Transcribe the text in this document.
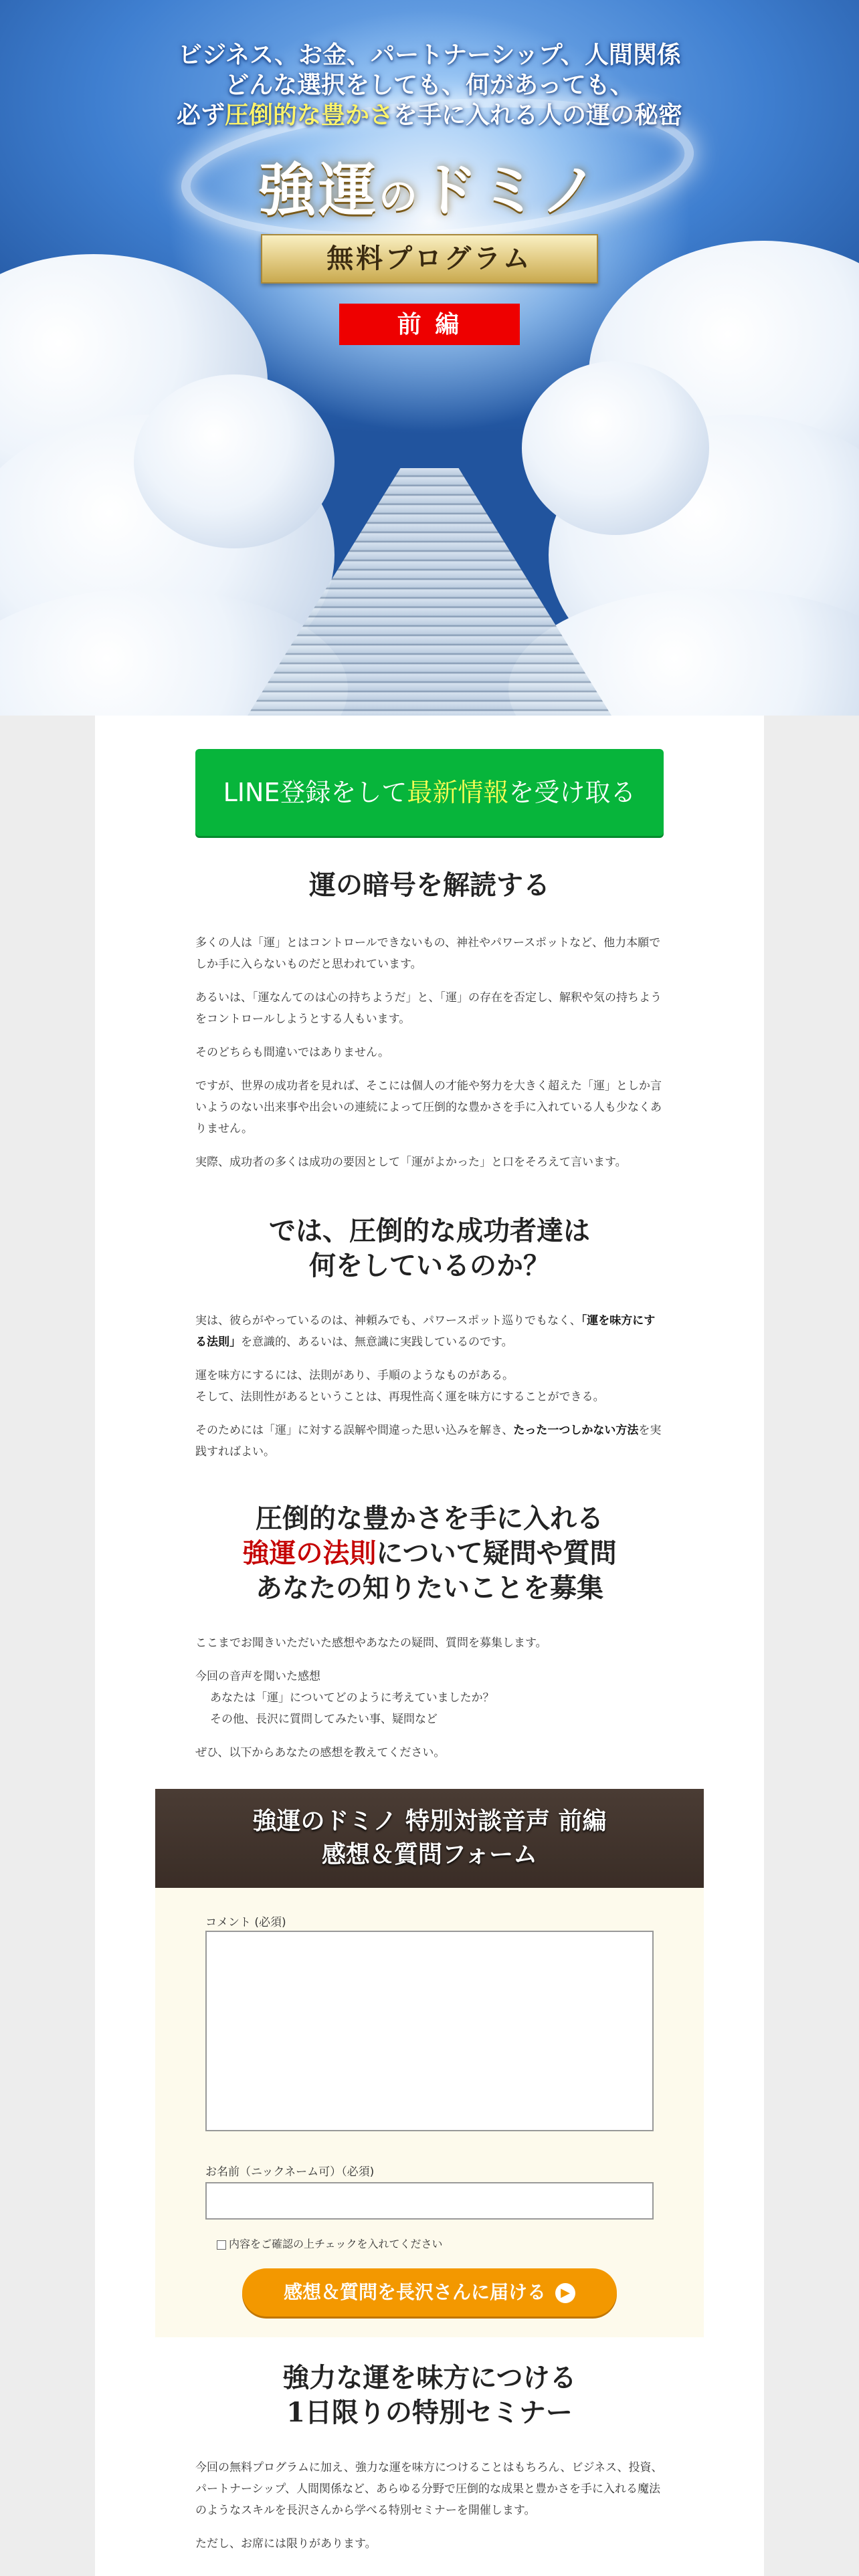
ビジネス、お金、パートナーシップ、人間関係
どんな選択をしても、何があっても、
必ず圧倒的な豊かさを手に入れる人の運の秘密

強運のドミノ
無料プログラム
前 編
LINE登録をして最新情報を受け取る
運の暗号を解読する

多くの人は「運」とはコントロールできないもの、神社やパワースポットなど、他力本願でしか手に入らないものだと思われています。

あるいは、「運なんてのは心の持ちようだ」と、「運」の存在を否定し、解釈や気の持ちようをコントロールしようとする人もいます。

そのどちらも間違いではありません。

ですが、世界の成功者を見れば、そこには個人の才能や努力を大きく超えた「運」としか言いようのない出来事や出会いの連続によって圧倒的な豊かさを手に入れている人も少なくありません。

実際、成功者の多くは成功の要因として「運がよかった」と口をそろえて言います。

では、圧倒的な成功者達は
何をしているのか？

実は、彼らがやっているのは、神頼みでも、パワースポット巡りでもなく、「運を味方にする法則」を意識的、あるいは、無意識に実践しているのです。

運を味方にするには、法則があり、手順のようなものがある。
そして、法則性があるということは、再現性高く運を味方にすることができる。

そのためには「運」に対する誤解や間違った思い込みを解き、たった一つしかない方法を実践すればよい。

圧倒的な豊かさを手に入れる
強運の法則について疑問や質問
あなたの知りたいことを募集

ここまでお聞きいただいた感想やあなたの疑問、質問を募集します。

今回の音声を聞いた感想
あなたは「運」についてどのように考えていましたか？
その他、長沢に質問してみたい事、疑問など

ぜひ、以下からあなたの感想を教えてください。

強運のドミノ 特別対談音声 前編
感想＆質問フォーム
コメント (必須)
お名前（ニックネーム可）（必須)
内容をご確認の上チェックを入れてください
感想＆質問を長沢さんに届ける ▶
強力な運を味方につける
1日限りの特別セミナー

今回の無料プログラムに加え、強力な運を味方につけることはもちろん、ビジネス、投資、パートナーシップ、人間関係など、あらゆる分野で圧倒的な成果と豊かさを手に入れる魔法のようなスキルを長沢さんから学べる特別セミナーを開催します。

ただし、お席には限りがあります。
